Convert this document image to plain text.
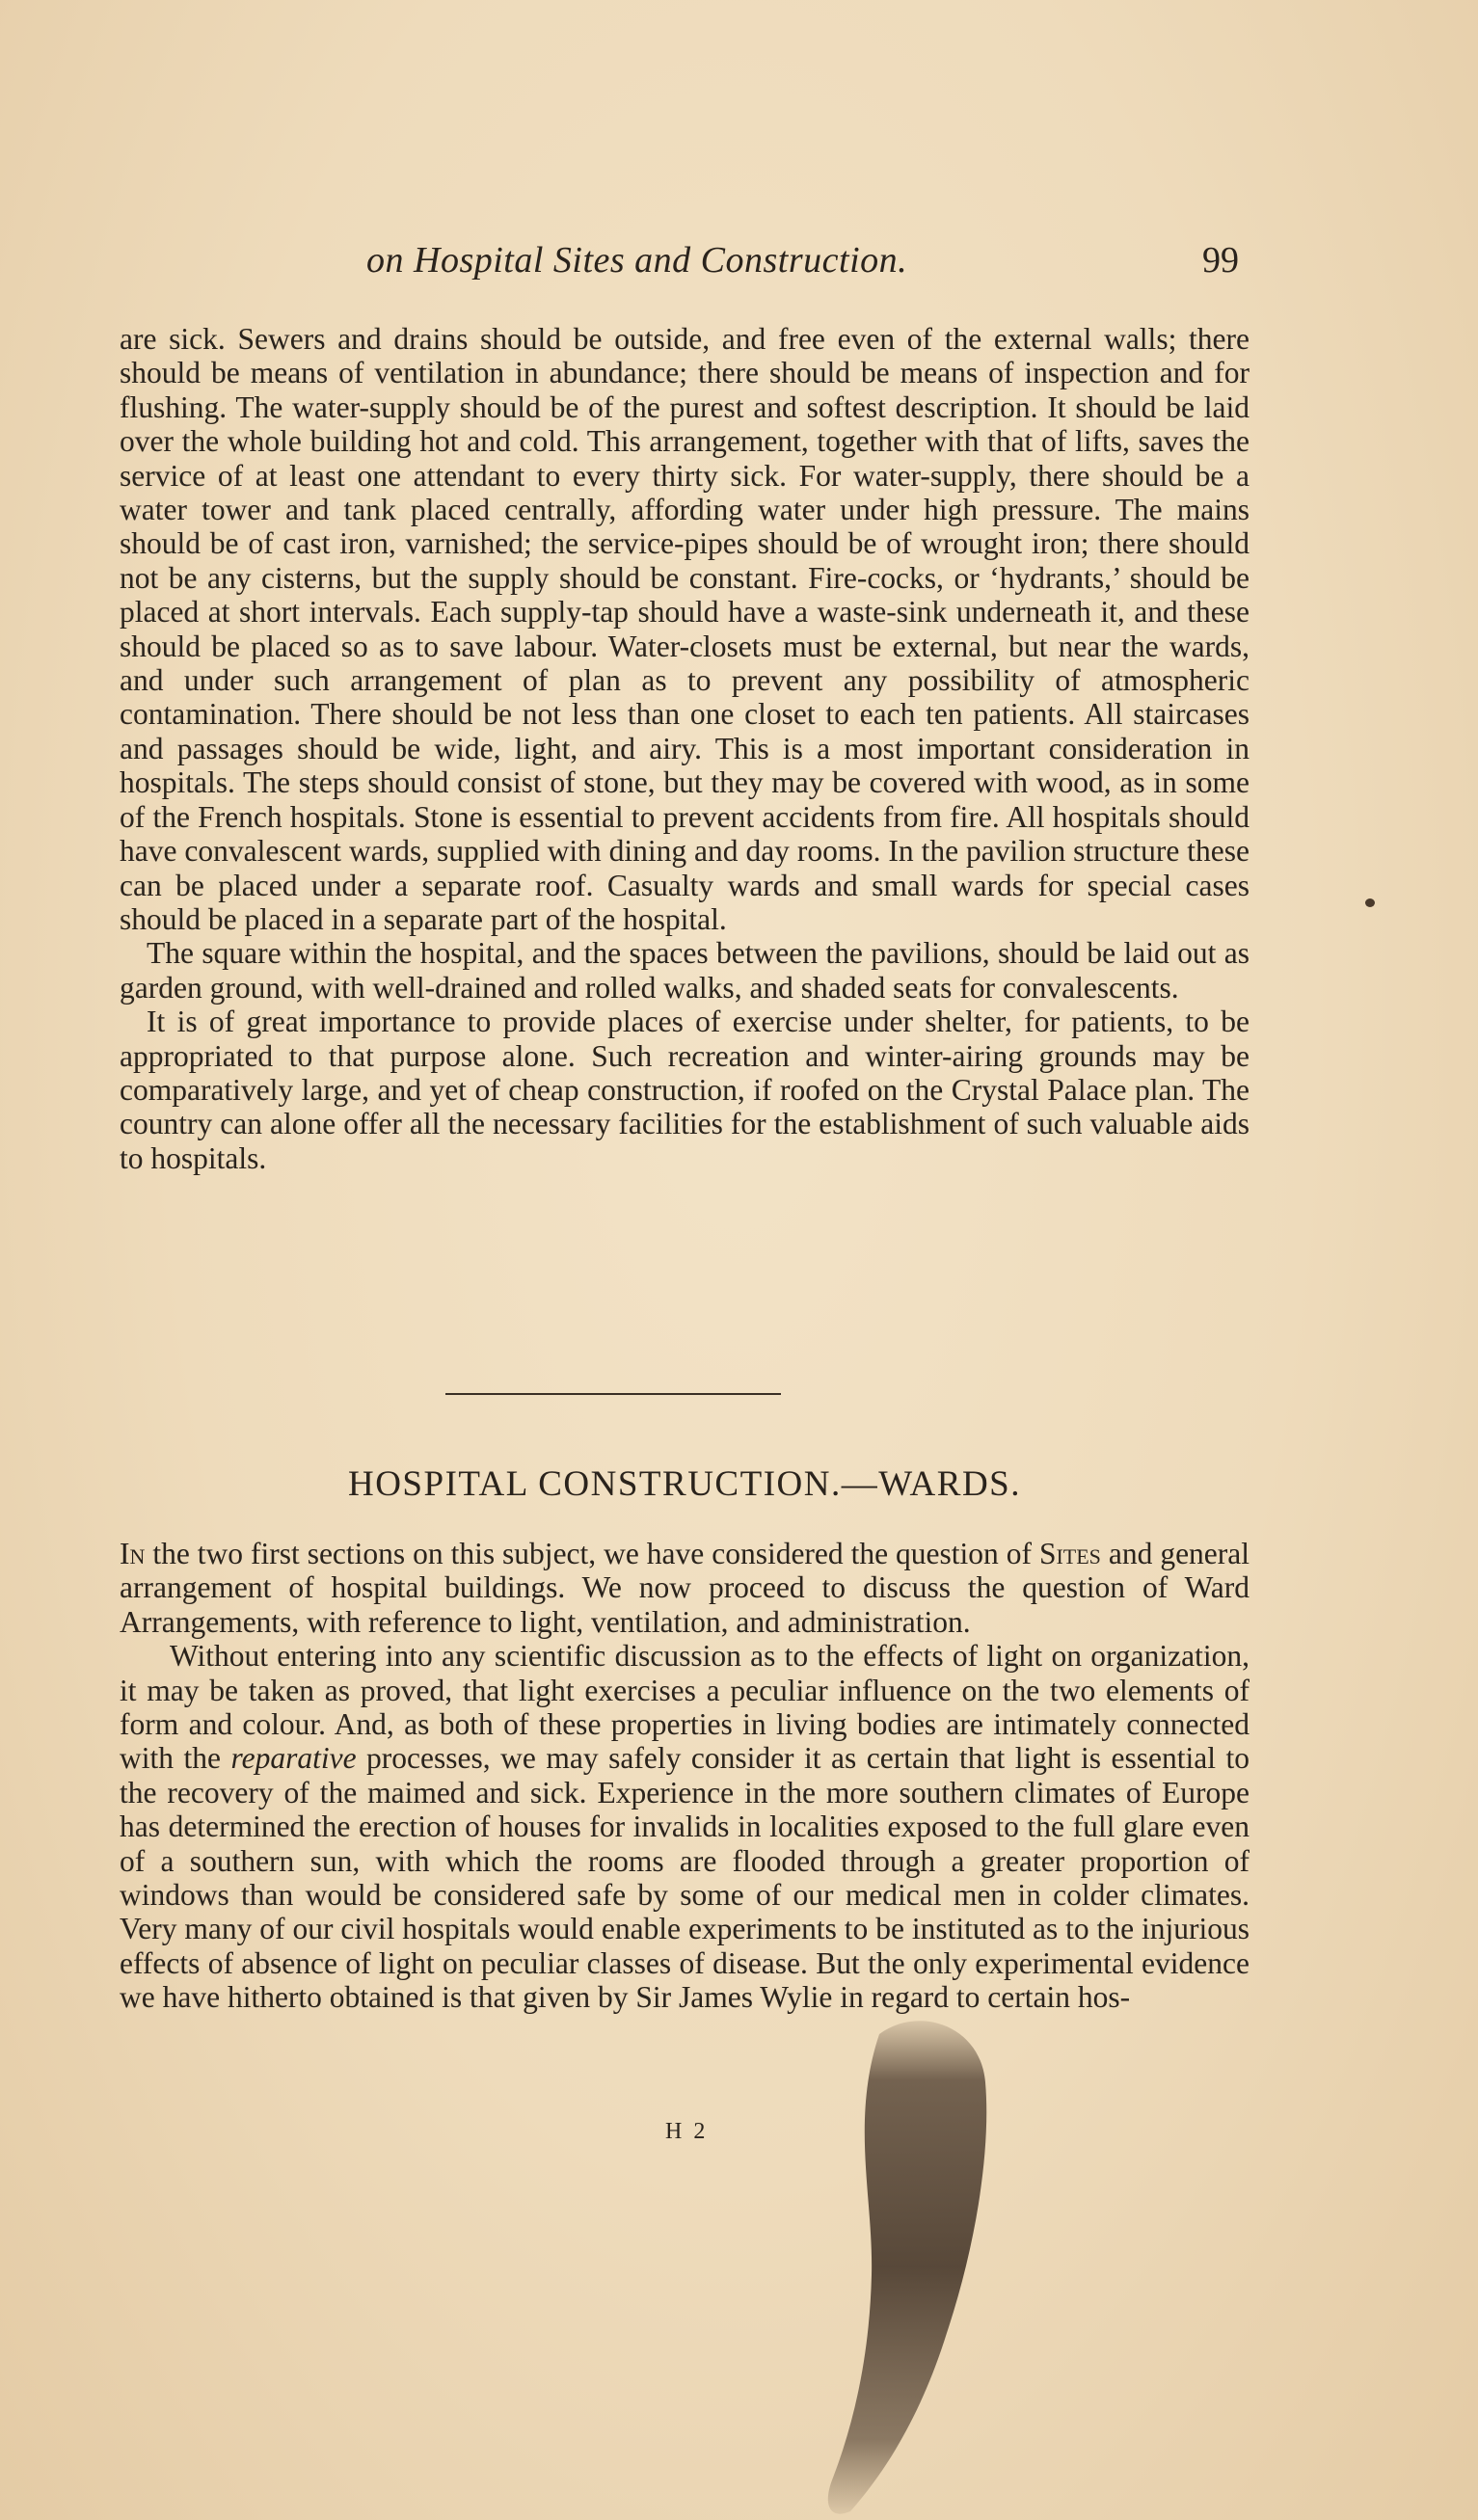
on Hospital Sites and Construction.	99

are sick. Sewers and drains should be outside, and free even of the external walls; there should be means of ventilation in abundance; there should be means of inspection and for flushing. The water-supply should be of the purest and softest description. It should be laid over the whole building hot and cold. This arrangement, together with that of lifts, saves the service of at least one attendant to every thirty sick. For water-supply, there should be a water tower and tank placed centrally, affording water under high pressure. The mains should be of cast iron, varnished; the service-pipes should be of wrought iron; there should not be any cisterns, but the supply should be constant. Fire-cocks, or ‘hydrants,’ should be placed at short intervals. Each supply-tap should have a waste-sink underneath it, and these should be placed so as to save labour. Water-closets must be external, but near the wards, and under such arrangement of plan as to prevent any possibility of atmospheric contamination. There should be not less than one closet to each ten patients. All staircases and passages should be wide, light, and airy. This is a most important consideration in hospitals. The steps should consist of stone, but they may be covered with wood, as in some of the French hospitals. Stone is essential to prevent accidents from fire. All hospitals should have convalescent wards, supplied with dining and day rooms. In the pavilion structure these can be placed under a separate roof. Casualty wards and small wards for special cases should be placed in a separate part of the hospital.

The square within the hospital, and the spaces between the pavilions, should be laid out as garden ground, with well-drained and rolled walks, and shaded seats for convalescents.

It is of great importance to provide places of exercise under shelter, for patients, to be appropriated to that purpose alone. Such recreation and winter-airing grounds may be comparatively large, and yet of cheap construction, if roofed on the Crystal Palace plan. The country can alone offer all the necessary facilities for the establishment of such valuable aids to hospitals.

HOSPITAL CONSTRUCTION.—WARDS.

In the two first sections on this subject, we have considered the question of Sites and general arrangement of hospital buildings. We now proceed to discuss the question of Ward Arrangements, with reference to light, ventilation, and administration.

Without entering into any scientific discussion as to the effects of light on organization, it may be taken as proved, that light exercises a peculiar influence on the two elements of form and colour. And, as both of these properties in living bodies are intimately connected with the reparative processes, we may safely consider it as certain that light is essential to the recovery of the maimed and sick. Experience in the more southern climates of Europe has determined the erection of houses for invalids in localities exposed to the full glare even of a southern sun, with which the rooms are flooded through a greater proportion of windows than would be considered safe by some of our medical men in colder climates. Very many of our civil hospitals would enable experiments to be instituted as to the injurious effects of absence of light on peculiar classes of disease. But the only experimental evidence we have hitherto obtained is that given by Sir James Wylie in regard to certain hos-

H 2
